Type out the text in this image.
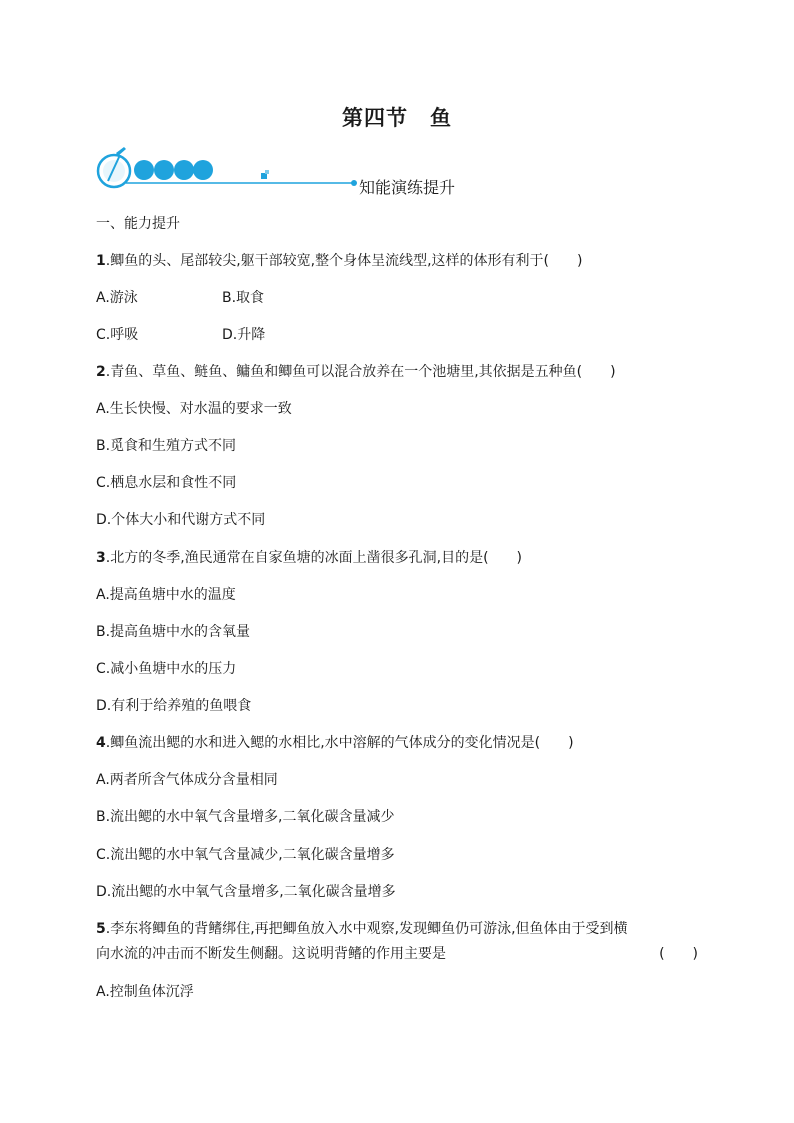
第四节　鱼
知能演练提升
一、能力提升
1.鲫鱼的头、尾部较尖,躯干部较宽,整个身体呈流线型,这样的体形有利于(　　)
A.游泳	B.取食
C.呼吸	D.升降
2.青鱼、草鱼、鲢鱼、鳙鱼和鲫鱼可以混合放养在一个池塘里,其依据是五种鱼(　　)
A.生长快慢、对水温的要求一致
B.觅食和生殖方式不同
C.栖息水层和食性不同
D.个体大小和代谢方式不同
3.北方的冬季,渔民通常在自家鱼塘的冰面上凿很多孔洞,目的是(　　)
A.提高鱼塘中水的温度
B.提高鱼塘中水的含氧量
C.减小鱼塘中水的压力
D.有利于给养殖的鱼喂食
4.鲫鱼流出鳃的水和进入鳃的水相比,水中溶解的气体成分的变化情况是(　　)
A.两者所含气体成分含量相同
B.流出鳃的水中氧气含量增多,二氧化碳含量减少
C.流出鳃的水中氧气含量减少,二氧化碳含量增多
D.流出鳃的水中氧气含量增多,二氧化碳含量增多
5.李东将鲫鱼的背鳍绑住,再把鲫鱼放入水中观察,发现鲫鱼仍可游泳,但鱼体由于受到横
向水流的冲击而不断发生侧翻。这说明背鳍的作用主要是	(　　)
A.控制鱼体沉浮
